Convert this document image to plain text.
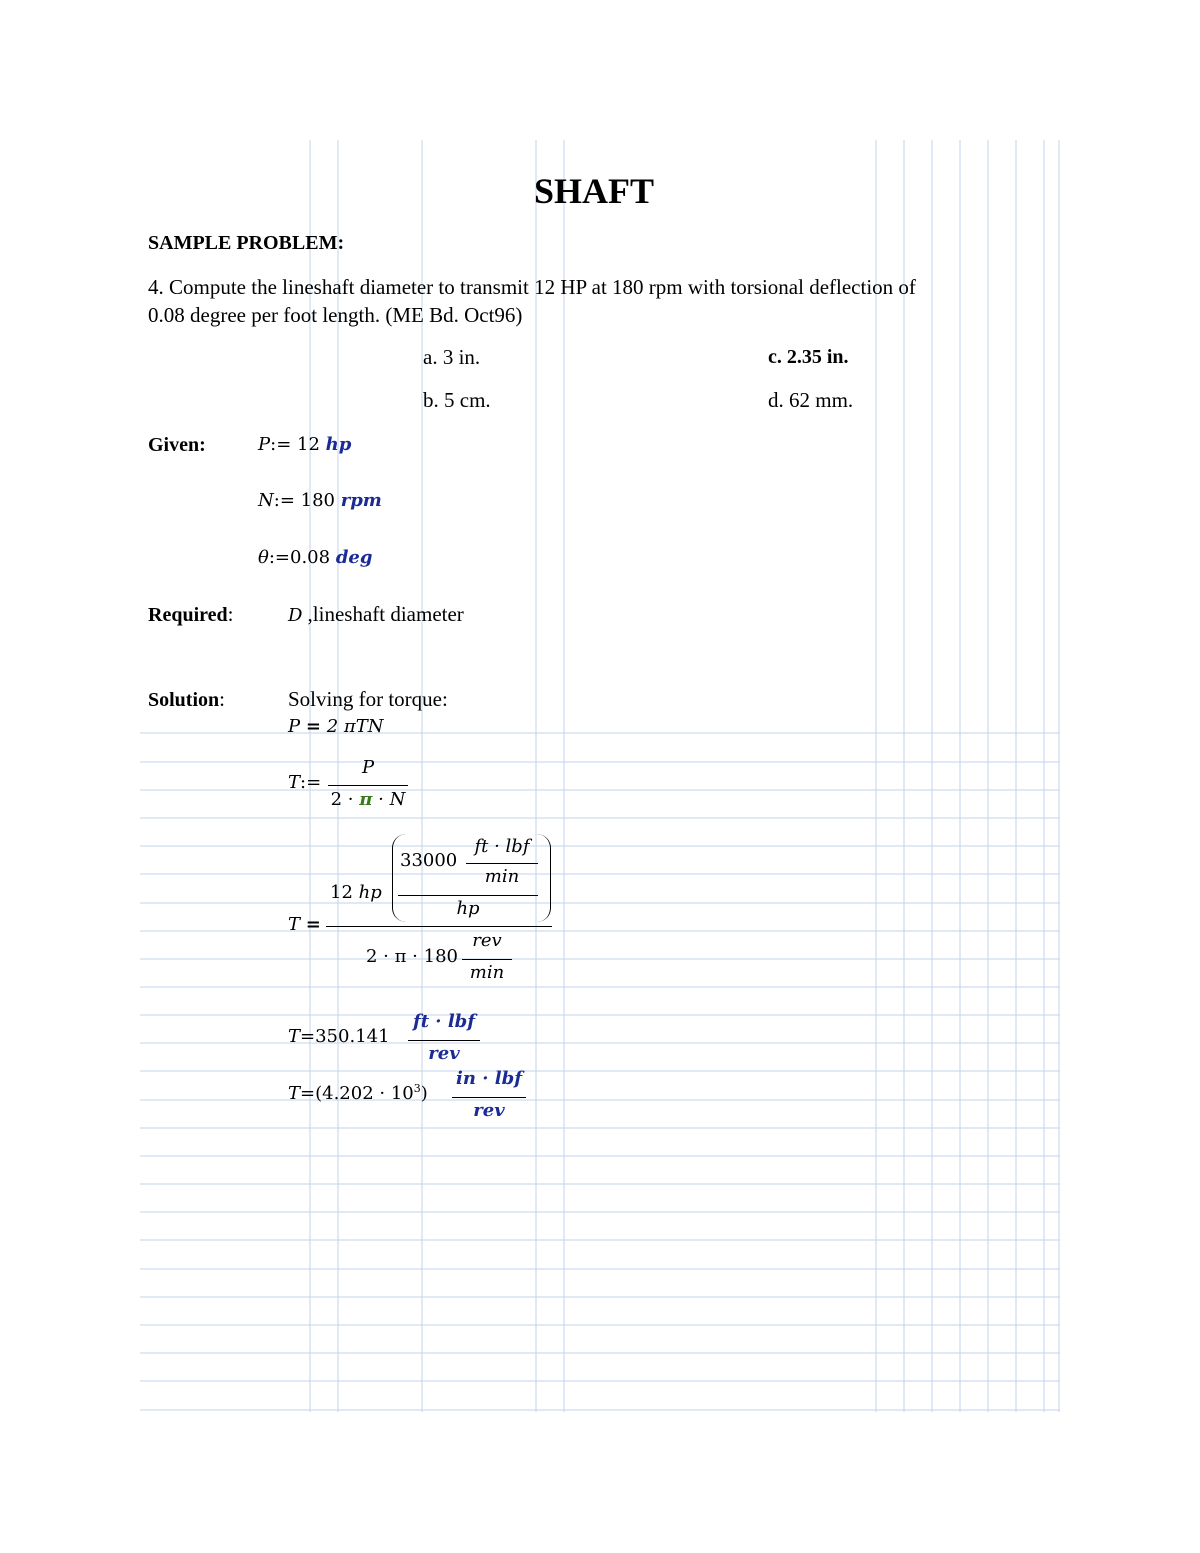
SHAFT
SAMPLE PROBLEM:
4. Compute the lineshaft diameter to transmit 12 HP at 180 rpm with torsional deflection of
0.08 degree per foot length. (ME Bd. Oct96)
a. 3 in.	c. 2.35 in.
b. 5 cm.	d. 62 mm.
Given:	P:= 12 hp
N:= 180 rpm
θ:=0.08 deg
Required:	D ,lineshaft diameter
Solution:	Solving for torque:
P = 2 πTN
T:=
P
2 · π · N
T =
12 hp
33000
ft · lbf
min
hp
2 · π · 180
rev
min
T=350.141
ft · lbf
rev
$T=(4.202 \cdot 10^3)$
in · lbf
rev
